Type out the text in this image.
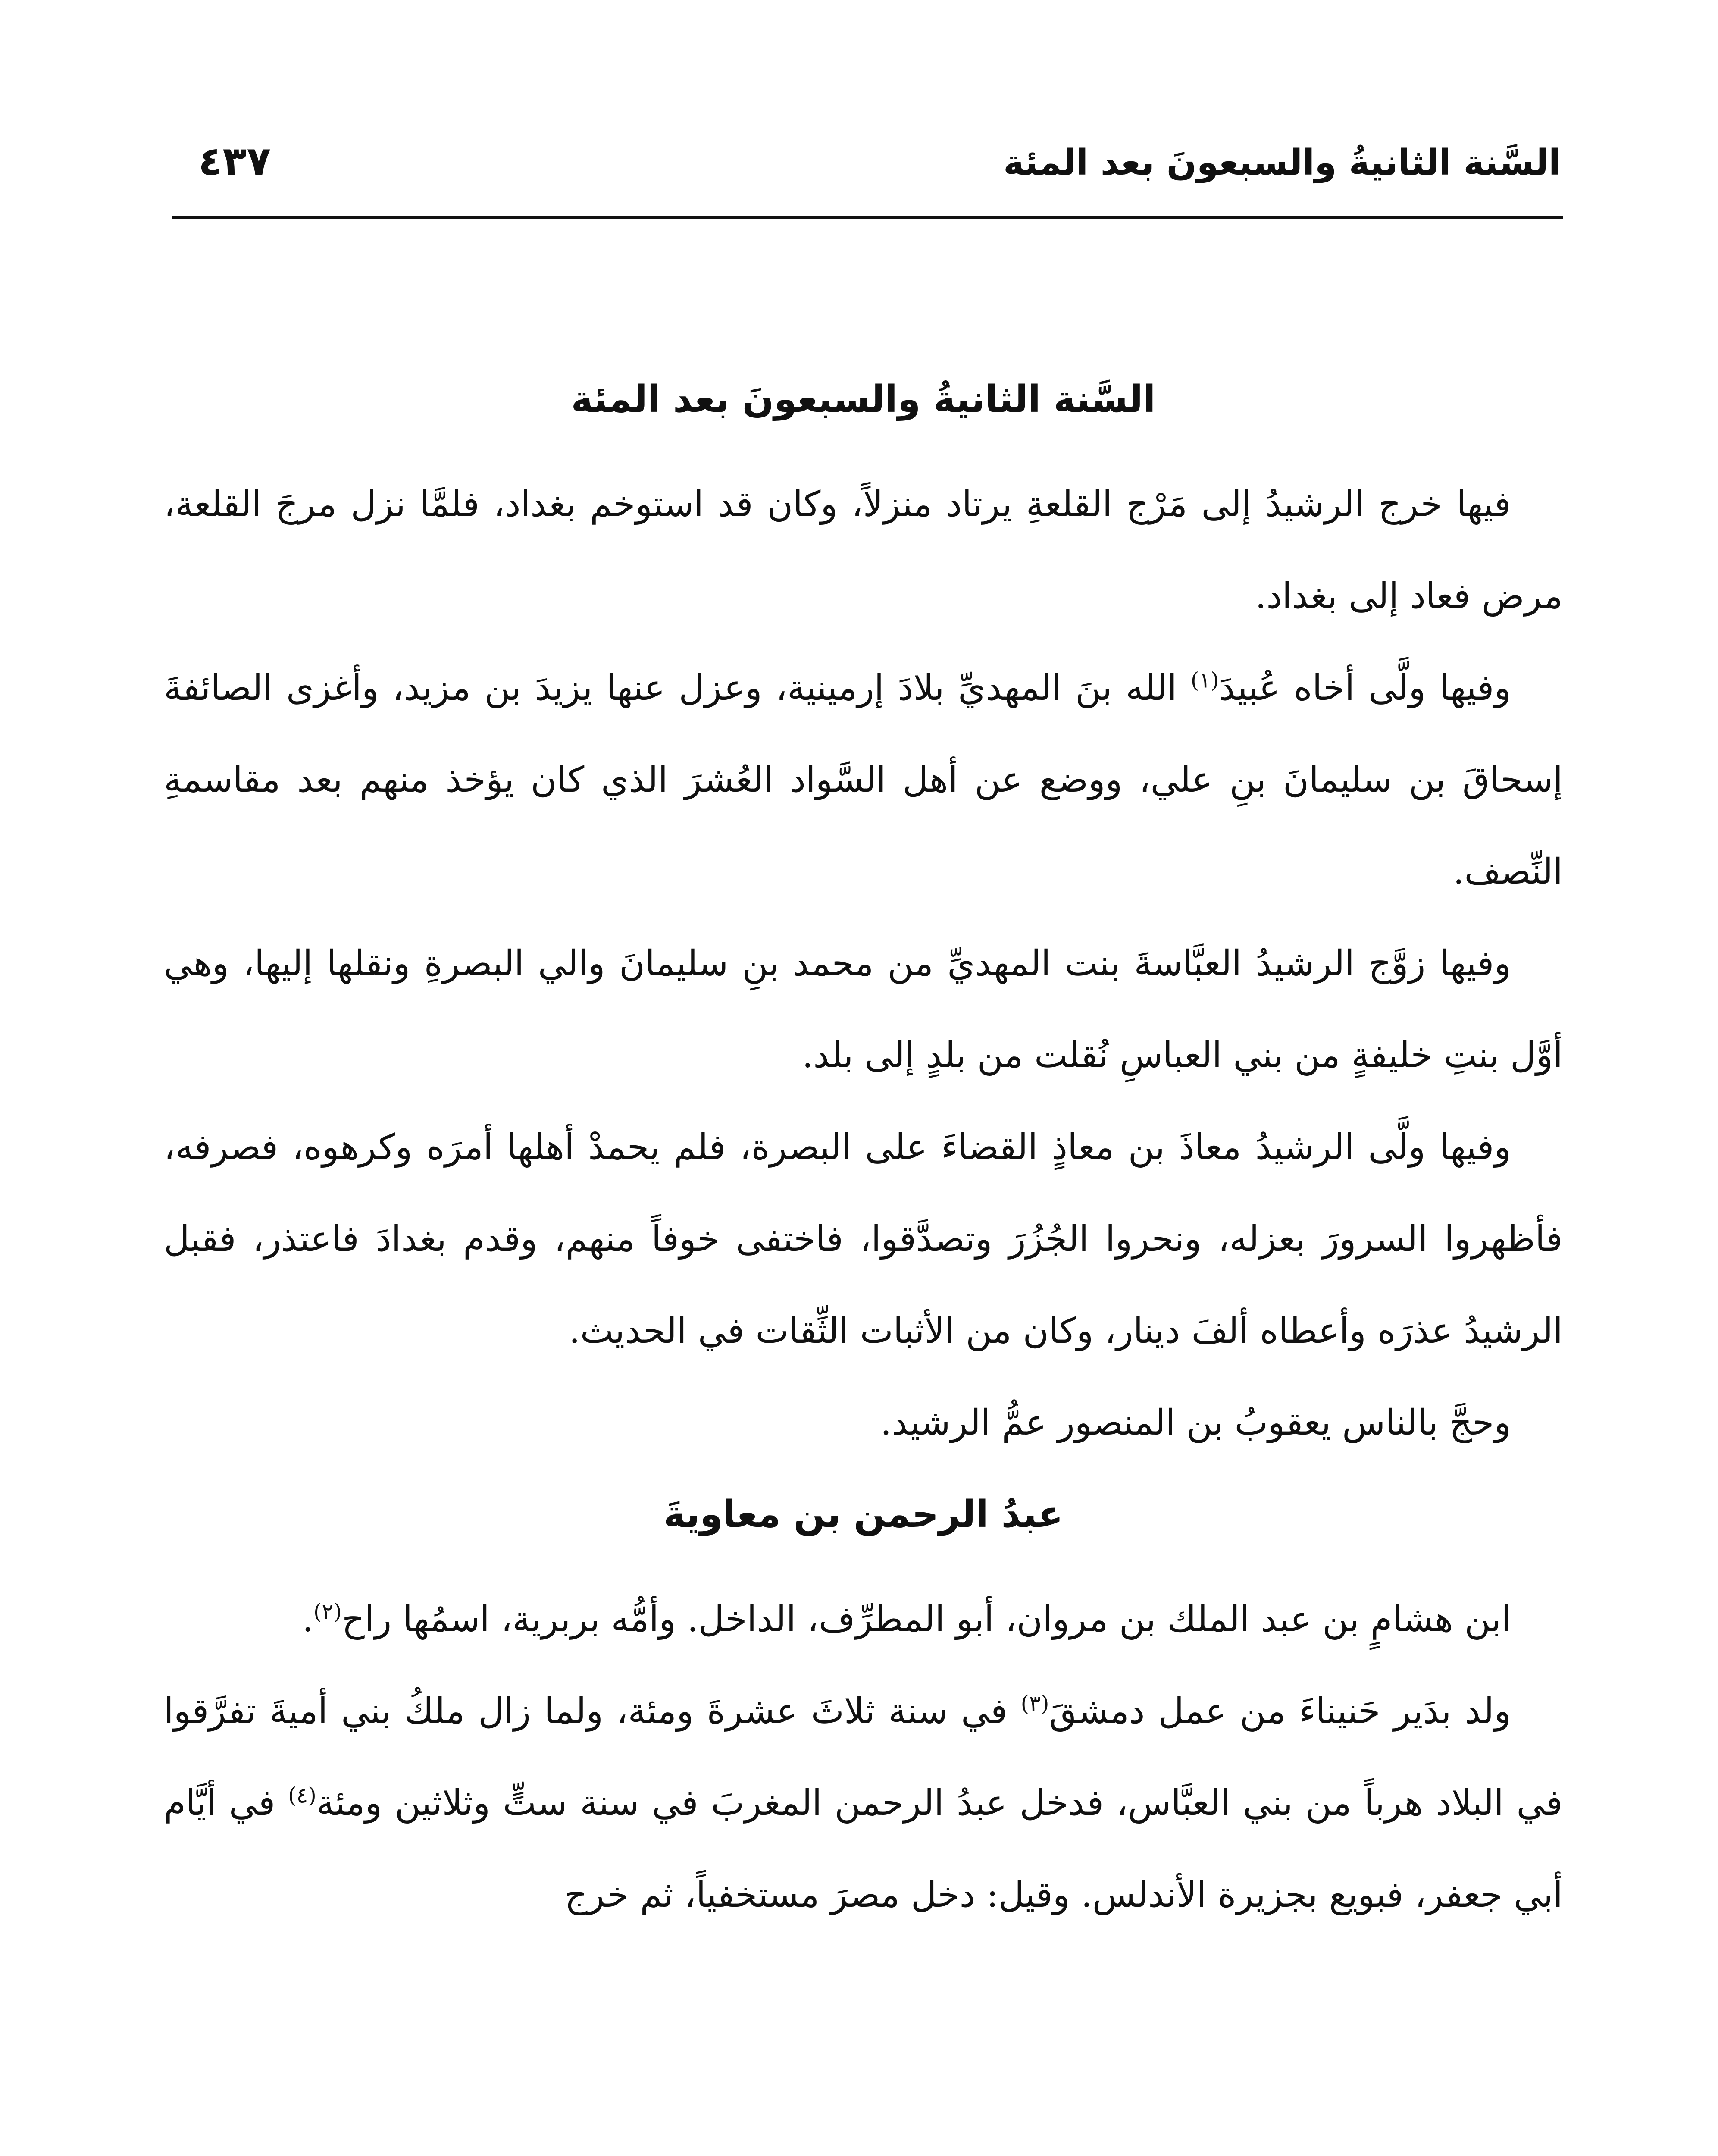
السَّنة الثانيةُ والسبعونَ بعد المئة
٤٣٧
السَّنة الثانيةُ والسبعونَ بعد المئة

فيها خرج الرشيدُ إلى مَرْج القلعةِ يرتاد منزلاً، وكان قد استوخم بغداد، فلمَّا نزل مرجَ القلعة، مرض فعاد إلى بغداد.

وفيها ولَّى أخاه عُبيدَ$^{(١)}$ الله بنَ المهديِّ بلادَ إرمينية، وعزل عنها يزيدَ بن مزيد، وأغزى الصائفةَ إسحاقَ بن سليمانَ بنِ علي، ووضع عن أهل السَّواد العُشرَ الذي كان يؤخذ منهم بعد مقاسمةِ النِّصف.

وفيها زوَّج الرشيدُ العبَّاسةَ بنت المهديِّ من محمد بنِ سليمانَ والي البصرةِ ونقلها إليها، وهي أوَّل بنتِ خليفةٍ من بني العباسِ نُقلت من بلدٍ إلى بلد.

وفيها ولَّى الرشيدُ معاذَ بن معاذٍ القضاءَ على البصرة، فلم يحمدْ أهلها أمرَه وكرهوه، فصرفه، فأظهروا السرورَ بعزله، ونحروا الجُزُرَ وتصدَّقوا، فاختفى خوفاً منهم، وقدم بغدادَ فاعتذر، فقبل الرشيدُ عذرَه وأعطاه ألفَ دينار، وكان من الأثبات الثِّقات في الحديث.

وحجَّ بالناس يعقوبُ بن المنصور عمُّ الرشيد.

عبدُ الرحمن بن معاويةَ

ابن هشامٍ بن عبد الملك بن مروان، أبو المطرِّف، الداخل. وأمُّه بربرية، اسمُها راح$^{(٢)}$.

ولد بدَير حَنيناءَ من عمل دمشقَ$^{(٣)}$ في سنة ثلاثَ عشرةَ ومئة، ولما زال ملكُ بني أميةَ تفرَّقوا في البلاد هرباً من بني العبَّاس، فدخل عبدُ الرحمن المغربَ في سنة ستٍّ وثلاثين ومئة$^{(٤)}$ في أيَّام أبي جعفر، فبويع بجزيرة الأندلس. وقيل: دخل مصرَ مستخفياً، ثم خرج
